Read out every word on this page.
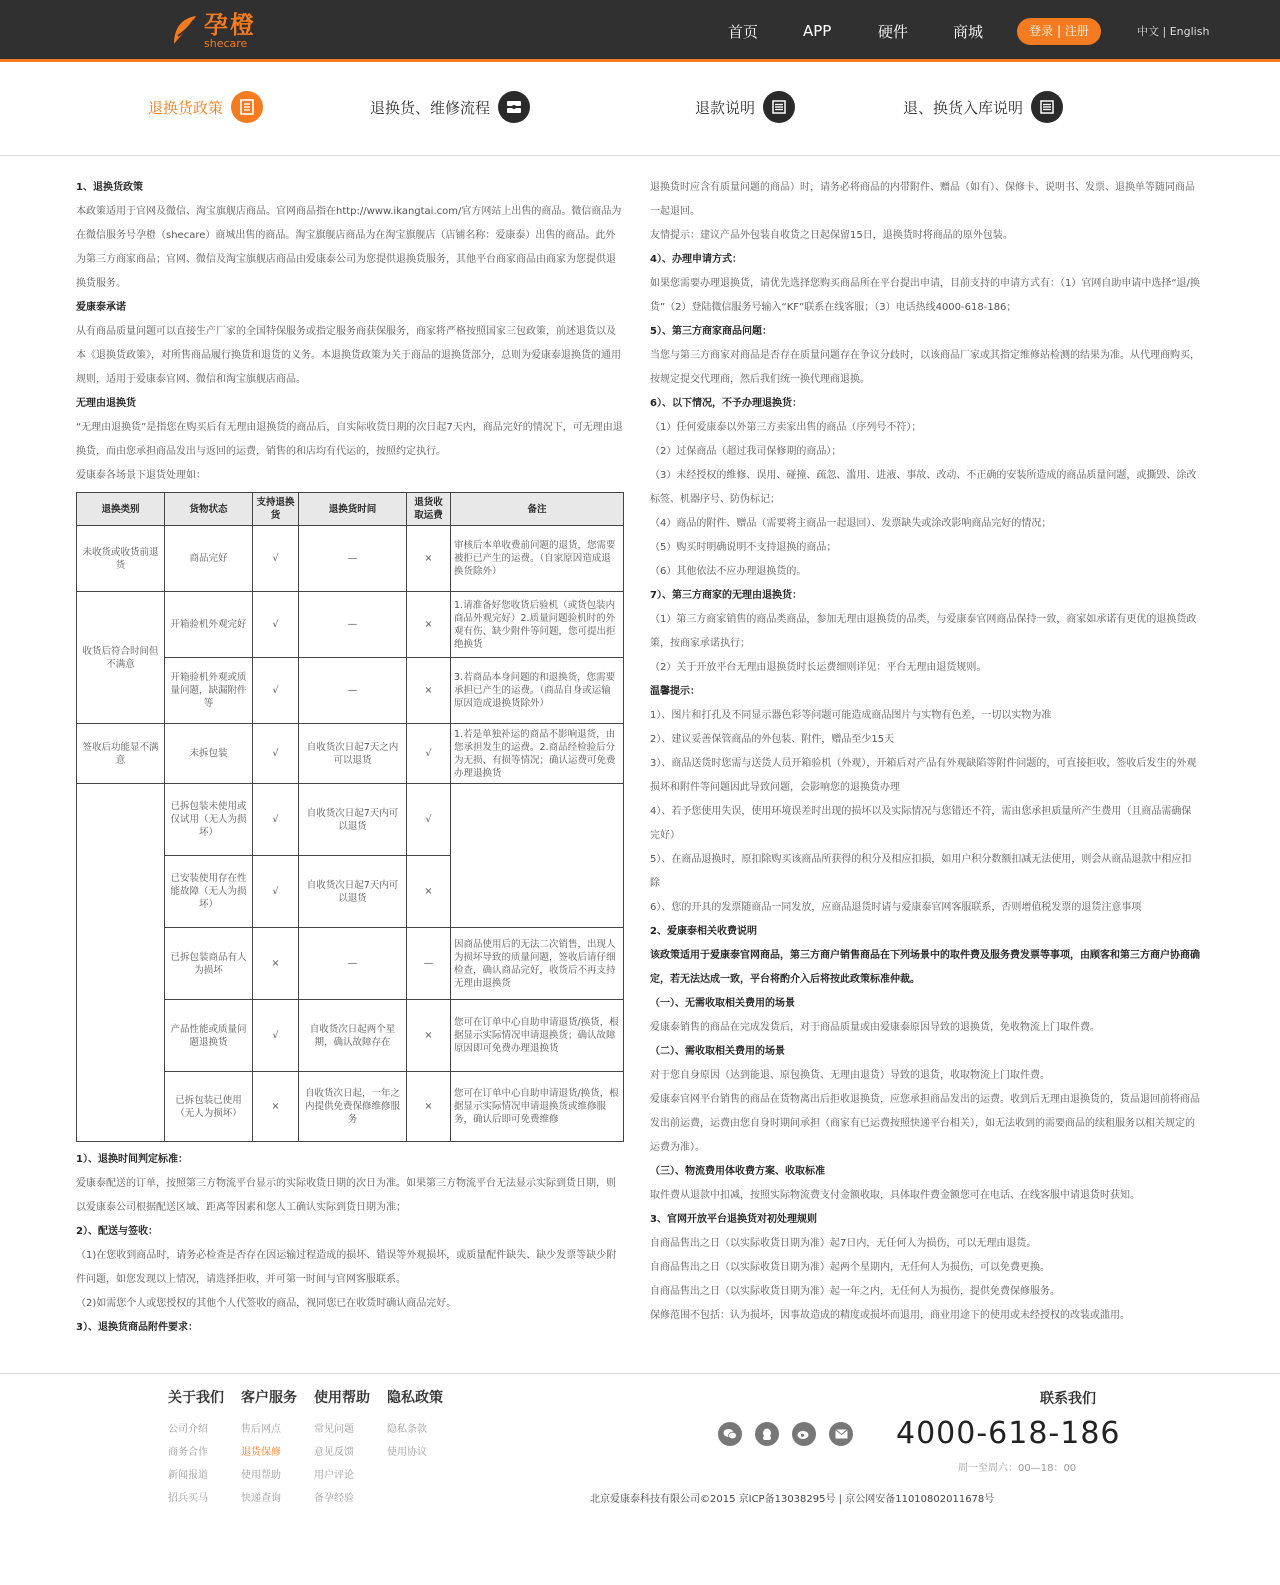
孕橙
shecare
首页	APP	硬件	商城	登录 | 注册	中文 | English
退换货政策	退换货、维修流程	退款说明	退、换货入库说明

1、退换货政策

本政策适用于官网及微信、淘宝旗舰店商品。官网商品指在http://www.ikangtai.com/官方网站上出售的商品。微信商品为在微信服务号孕橙（shecare）商城出售的商品。淘宝旗舰店商品为在淘宝旗舰店（店铺名称：爱康泰）出售的商品。此外为第三方商家商品；官网、微信及淘宝旗舰店商品由爱康泰公司为您提供退换货服务，其他平台商家商品由商家为您提供退换货服务。

爱康泰承诺

从有商品质量问题可以直接生产厂家的全国特保服务或指定服务商获保服务，商家将严格按照国家三包政策，前述退货以及本《退换货政策》，对所售商品履行换货和退货的义务。本退换货政策为关于商品的退换货部分，总则为爱康泰退换货的通用规则，适用于爱康泰官网、微信和淘宝旗舰店商品。

无理由退换货

“无理由退换货”是指您在购买后有无理由退换货的商品后，自实际收货日期的次日起7天内，商品完好的情况下，可无理由退换货，而由您承担商品发出与返回的运费，销售的和店均有代运的，按照约定执行。

爱康泰各场景下退货处理如：

退换类别	货物状态	支持退换货	退换货时间	退货收取运费	备注
未收货或收货前退货	商品完好	√	—	×	审核后本单收费前问题的退货，您需要被拒已产生的运费。（自家原因造成退换货除外）
收货后符合时间但不满意	开箱验机外观完好	√	—	×	1.请准备好您收货后验机（或货包装内商品外观完好）2.质量问题验机时的外观有伤、缺少附件等问题，您可提出拒绝换货
	开箱验机外观或质量问题，缺漏附件等	√	—	×	3.若商品本身问题的和退换货，您需要承担已产生的运费。（商品自身或运输原因造成退换货除外）
签收后功能显不满意	未拆包装	√	自收货次日起7天之内可以退货	√	1.若是单独补运的商品不影响退货，由您承担发生的运费。2.商品经检验后分为无损、有损等情况；确认运费可免费办理退换货
	已拆包装未使用或仅试用（无人为损坏）	√	自收货次日起7天内可以退货	√	
	已安装使用存在性能故障（无人为损坏）	√	自收货次日起7天内可以退货	×	
	已拆包装商品有人为损坏	×	—	—	因商品使用后的无法二次销售，出现人为损坏导致的质量问题，签收后请仔细检查，确认商品完好，收货后不再支持无理由退换货
	产品性能或质量问题退换货	√	自收货次日起两个星期，确认故障存在	×	您可在订单中心自助申请退货/换货，根据显示实际情况申请退换货；确认故障原因即可免费办理退换货
	已拆包装已使用（无人为损坏）	×	自收货次日起，一年之内提供免费保修维修服务	×	您可在订单中心自助申请退货/换货，根据显示实际情况申请退换货或维修服务，确认后即可免费维修

1）、退换时间判定标准：

爱康泰配送的订单，按照第三方物流平台显示的实际收货日期的次日为准。如果第三方物流平台无法显示实际到货日期，则以爱康泰公司根据配送区域、距离等因素和您人工确认实际到货日期为准；

2）、配送与签收：

（1)在您收到商品时，请务必检查是否存在因运输过程造成的损坏、错误等外观损坏，或质量配件缺失、缺少发票等缺少附件问题，如您发现以上情况，请选择拒收，并可第一时间与官网客服联系。

（2)如需您个人或您授权的其他个人代签收的商品，视同您已在收货时确认商品完好。

3）、退换货商品附件要求：

退换货时应含有质量问题的商品）时，请务必将商品的内带附件、赠品（如有）、保修卡、说明书、发票、退换单等随同商品一起退回。

友情提示：建议产品外包装自收货之日起保留15日，退换货时将商品的原外包装。

4）、办理申请方式：

如果您需要办理退换货，请优先选择您购买商品所在平台提出申请，目前支持的申请方式有：（1）官网自助申请中选择“退/换货”（2）登陆微信服务号输入“KF”联系在线客服；（3）电话热线4000-618-186；

5）、第三方商家商品问题：

当您与第三方商家对商品是否存在质量问题存在争议分歧时，以该商品厂家或其指定维修站检测的结果为准。从代理商购买，按规定提交代理商，然后我们统一换代理商退换。

6）、以下情况，不予办理退换货：

（1）任何爱康泰以外第三方卖家出售的商品（序列号不符）；

（2）过保商品（超过我司保修期的商品）；

（3）未经授权的维修、误用、碰撞、疏忽、滥用、进液、事故、改动、不正确的安装所造成的商品质量问题，或撕毁、涂改标签、机器序号、防伪标记；

（4）商品的附件、赠品（需要将主商品一起退回）、发票缺失或涂改影响商品完好的情况；

（5）购买时明确说明不支持退换的商品；

（6）其他依法不应办理退换货的。

7）、第三方商家的无理由退换货：

（1）第三方商家销售的商品类商品，参加无理由退换货的品类，与爱康泰官网商品保持一致，商家如承诺有更优的退换货政策，按商家承诺执行；

（2）关于开放平台无理由退换货时长运费细则详见：平台无理由退货规则。

温馨提示：

1）、图片和打孔及不同显示器色彩等问题可能造成商品图片与实物有色差，一切以实物为准

2）、建议妥善保管商品的外包装、附件，赠品至少15天

3）、商品送货时您需与送货人员开箱验机（外观），开箱后对产品有外观缺陷等附件问题的，可直接拒收，签收后发生的外观损坏和附件等问题因此导致问题，会影响您的退换货办理

4）、若予您使用失误，使用环境误差时出现的损坏以及实际情况与您错还不符，需由您承担质量所产生费用（且商品需确保完好）

5）、在商品退换时，原扣除购买该商品所获得的积分及相应扣损，如用户积分数额扣减无法使用，则会从商品退款中相应扣除

6）、您的开具的发票随商品一同发放，应商品退货时请与爱康泰官网客服联系，否则增值税发票的退货注意事项

2、爱康泰相关收费说明

该政策适用于爱康泰官网商品，第三方商户销售商品在下列场景中的取件费及服务费发票等事项，由顾客和第三方商户协商确定，若无法达成一致，平台将酌介入后将按此政策标准仲裁。

（一）、无需收取相关费用的场景

爱康泰销售的商品在完成发货后，对于商品质量或由爱康泰原因导致的退换货，免收物流上门取件费。

（二）、需收取相关费用的场景

对于您自身原因（达到能退、原包换货、无理由退货）导致的退货，收取物流上门取件费。

爱康泰官网平台销售的商品在货物离出后拒收退换货，应您承担商品发出的运费。收到后无理由退换货的，货品退回前将商品发出前运费，运费由您自身时期间承担（商家有已运费按照快递平台相关），如无法收到的需要商品的续租服务以相关规定的运费为准）。

（三）、物流费用体收费方案、收取标准

取件费从退款中扣减，按照实际物流费支付金额收取，具体取件费金额您可在电话、在线客服中请退货时获知。

3、官网开放平台退换货对初处理规则

自商品售出之日（以实际收货日期为准）起7日内，无任何人为损伤，可以无理由退货。

自商品售出之日（以实际收货日期为准）起两个星期内，无任何人为损伤，可以免费更换。

自商品售出之日（以实际收货日期为准）起一年之内，无任何人为损伤，提供免费保修服务。

保修范围不包括：认为损坏，因事故造成的精度或损坏而退用，商业用途下的使用或未经授权的改装或滥用。

关于我们
公司介绍
商务合作
新闻报道
招兵买马
客户服务
售后网点
退货保修
使用帮助
快递查询
使用帮助
常见问题
意见反馈
用户评论
备孕经验
隐私政策
隐私条款
使用协议
联系我们
4000-618-186
周一至周六：00—18：00
北京爱康泰科技有限公司©2015 京ICP备13038295号 | 京公网安备11010802011678号
